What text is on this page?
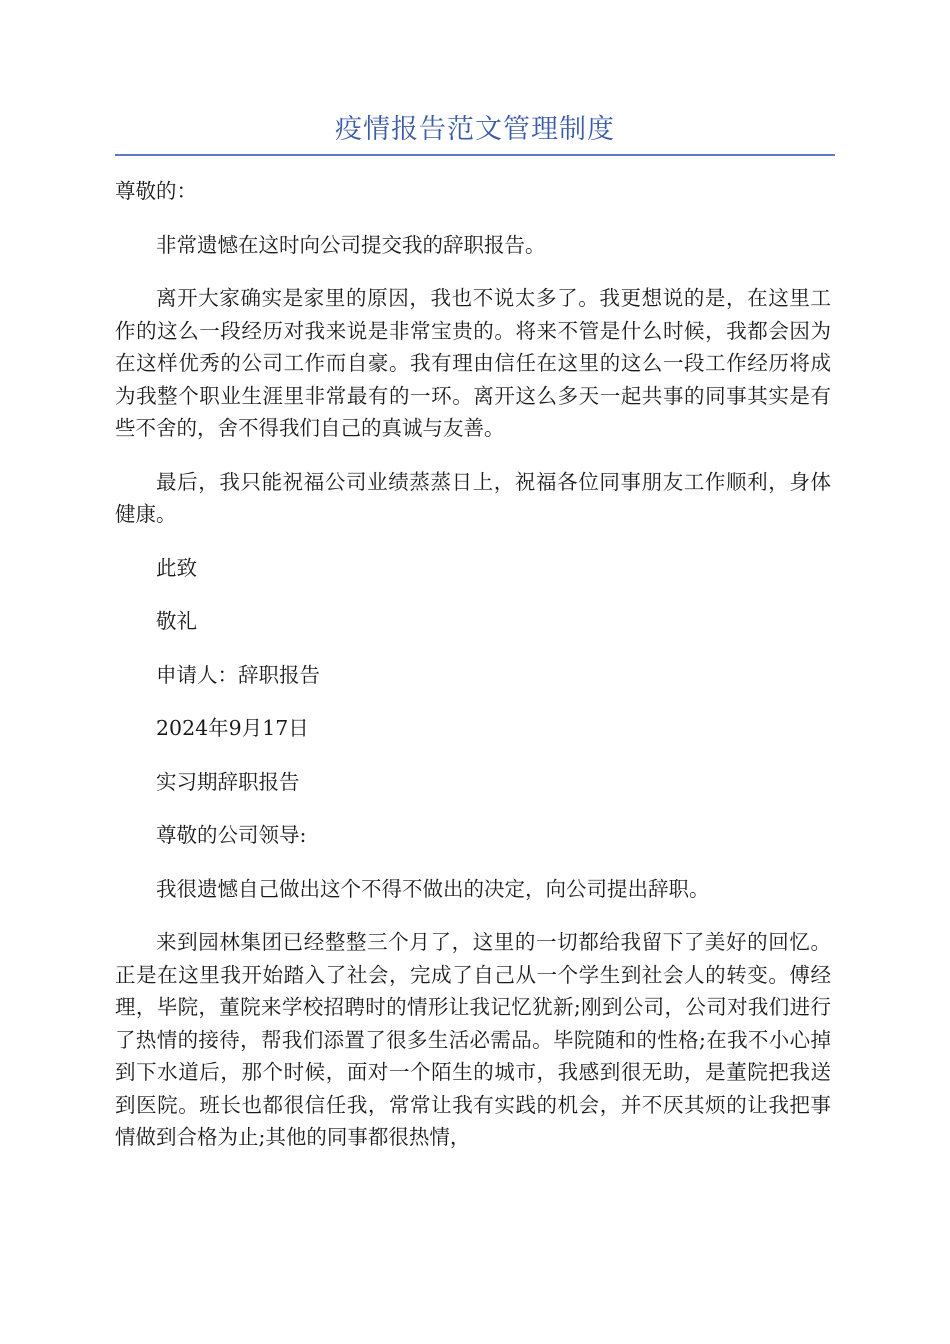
疫情报告范文管理制度

尊敬的：

非常遗憾在这时向公司提交我的辞职报告。

离开大家确实是家里的原因，我也不说太多了。我更想说的是，在这里工作的这么一段经历对我来说是非常宝贵的。将来不管是什么时候，我都会因为在这样优秀的公司工作而自豪。我有理由信任在这里的这么一段工作经历将成为我整个职业生涯里非常最有的一环。离开这么多天一起共事的同事其实是有些不舍的，舍不得我们自己的真诚与友善。

最后，我只能祝福公司业绩蒸蒸日上，祝福各位同事朋友工作顺利，身体健康。

此致

敬礼

申请人：辞职报告

2024年9月17日

实习期辞职报告

尊敬的公司领导:

我很遗憾自己做出这个不得不做出的决定，向公司提出辞职。

来到园林集团已经整整三个月了，这里的一切都给我留下了美好的回忆。正是在这里我开始踏入了社会，完成了自己从一个学生到社会人的转变。傅经理，毕院，董院来学校招聘时的情形让我记忆犹新;刚到公司，公司对我们进行了热情的接待，帮我们添置了很多生活必需品。毕院随和的性格;在我不小心掉到下水道后，那个时候，面对一个陌生的城市，我感到很无助，是董院把我送到医院。班长也都很信任我，常常让我有实践的机会，并不厌其烦的让我把事情做到合格为止;其他的同事都很热情，
